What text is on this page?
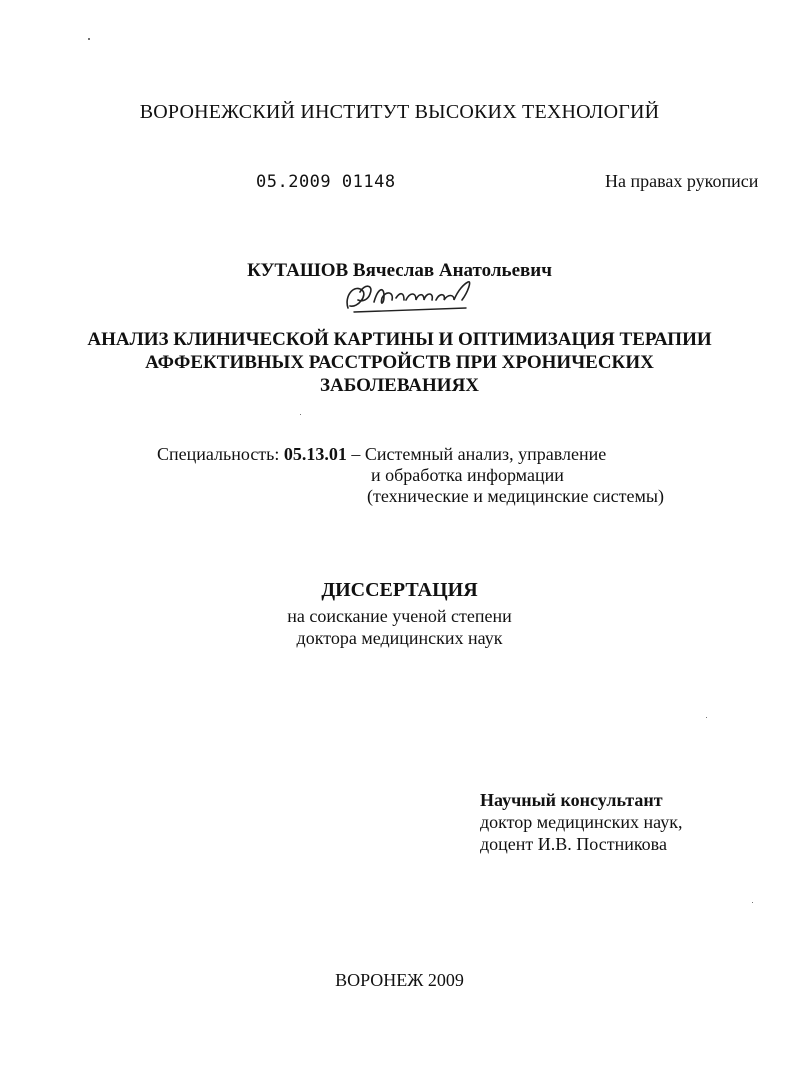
ВОРОНЕЖСКИЙ ИНСТИТУТ ВЫСОКИХ ТЕХНОЛОГИЙ
05.2009 01148	На правах рукописи
КУТАШОВ Вячеслав Анатольевич
АНАЛИЗ КЛИНИЧЕСКОЙ КАРТИНЫ И ОПТИМИЗАЦИЯ ТЕРАПИИ
АФФЕКТИВНЫХ РАССТРОЙСТВ ПРИ ХРОНИЧЕСКИХ
ЗАБОЛЕВАНИЯХ
Специальность: 05.13.01 – Системный анализ, управление
и обработка информации
(технические и медицинские системы)
ДИССЕРТАЦИЯ
на соискание ученой степени
доктора медицинских наук
Научный консультант
доктор медицинских наук,
доцент И.В. Постникова
ВОРОНЕЖ 2009
